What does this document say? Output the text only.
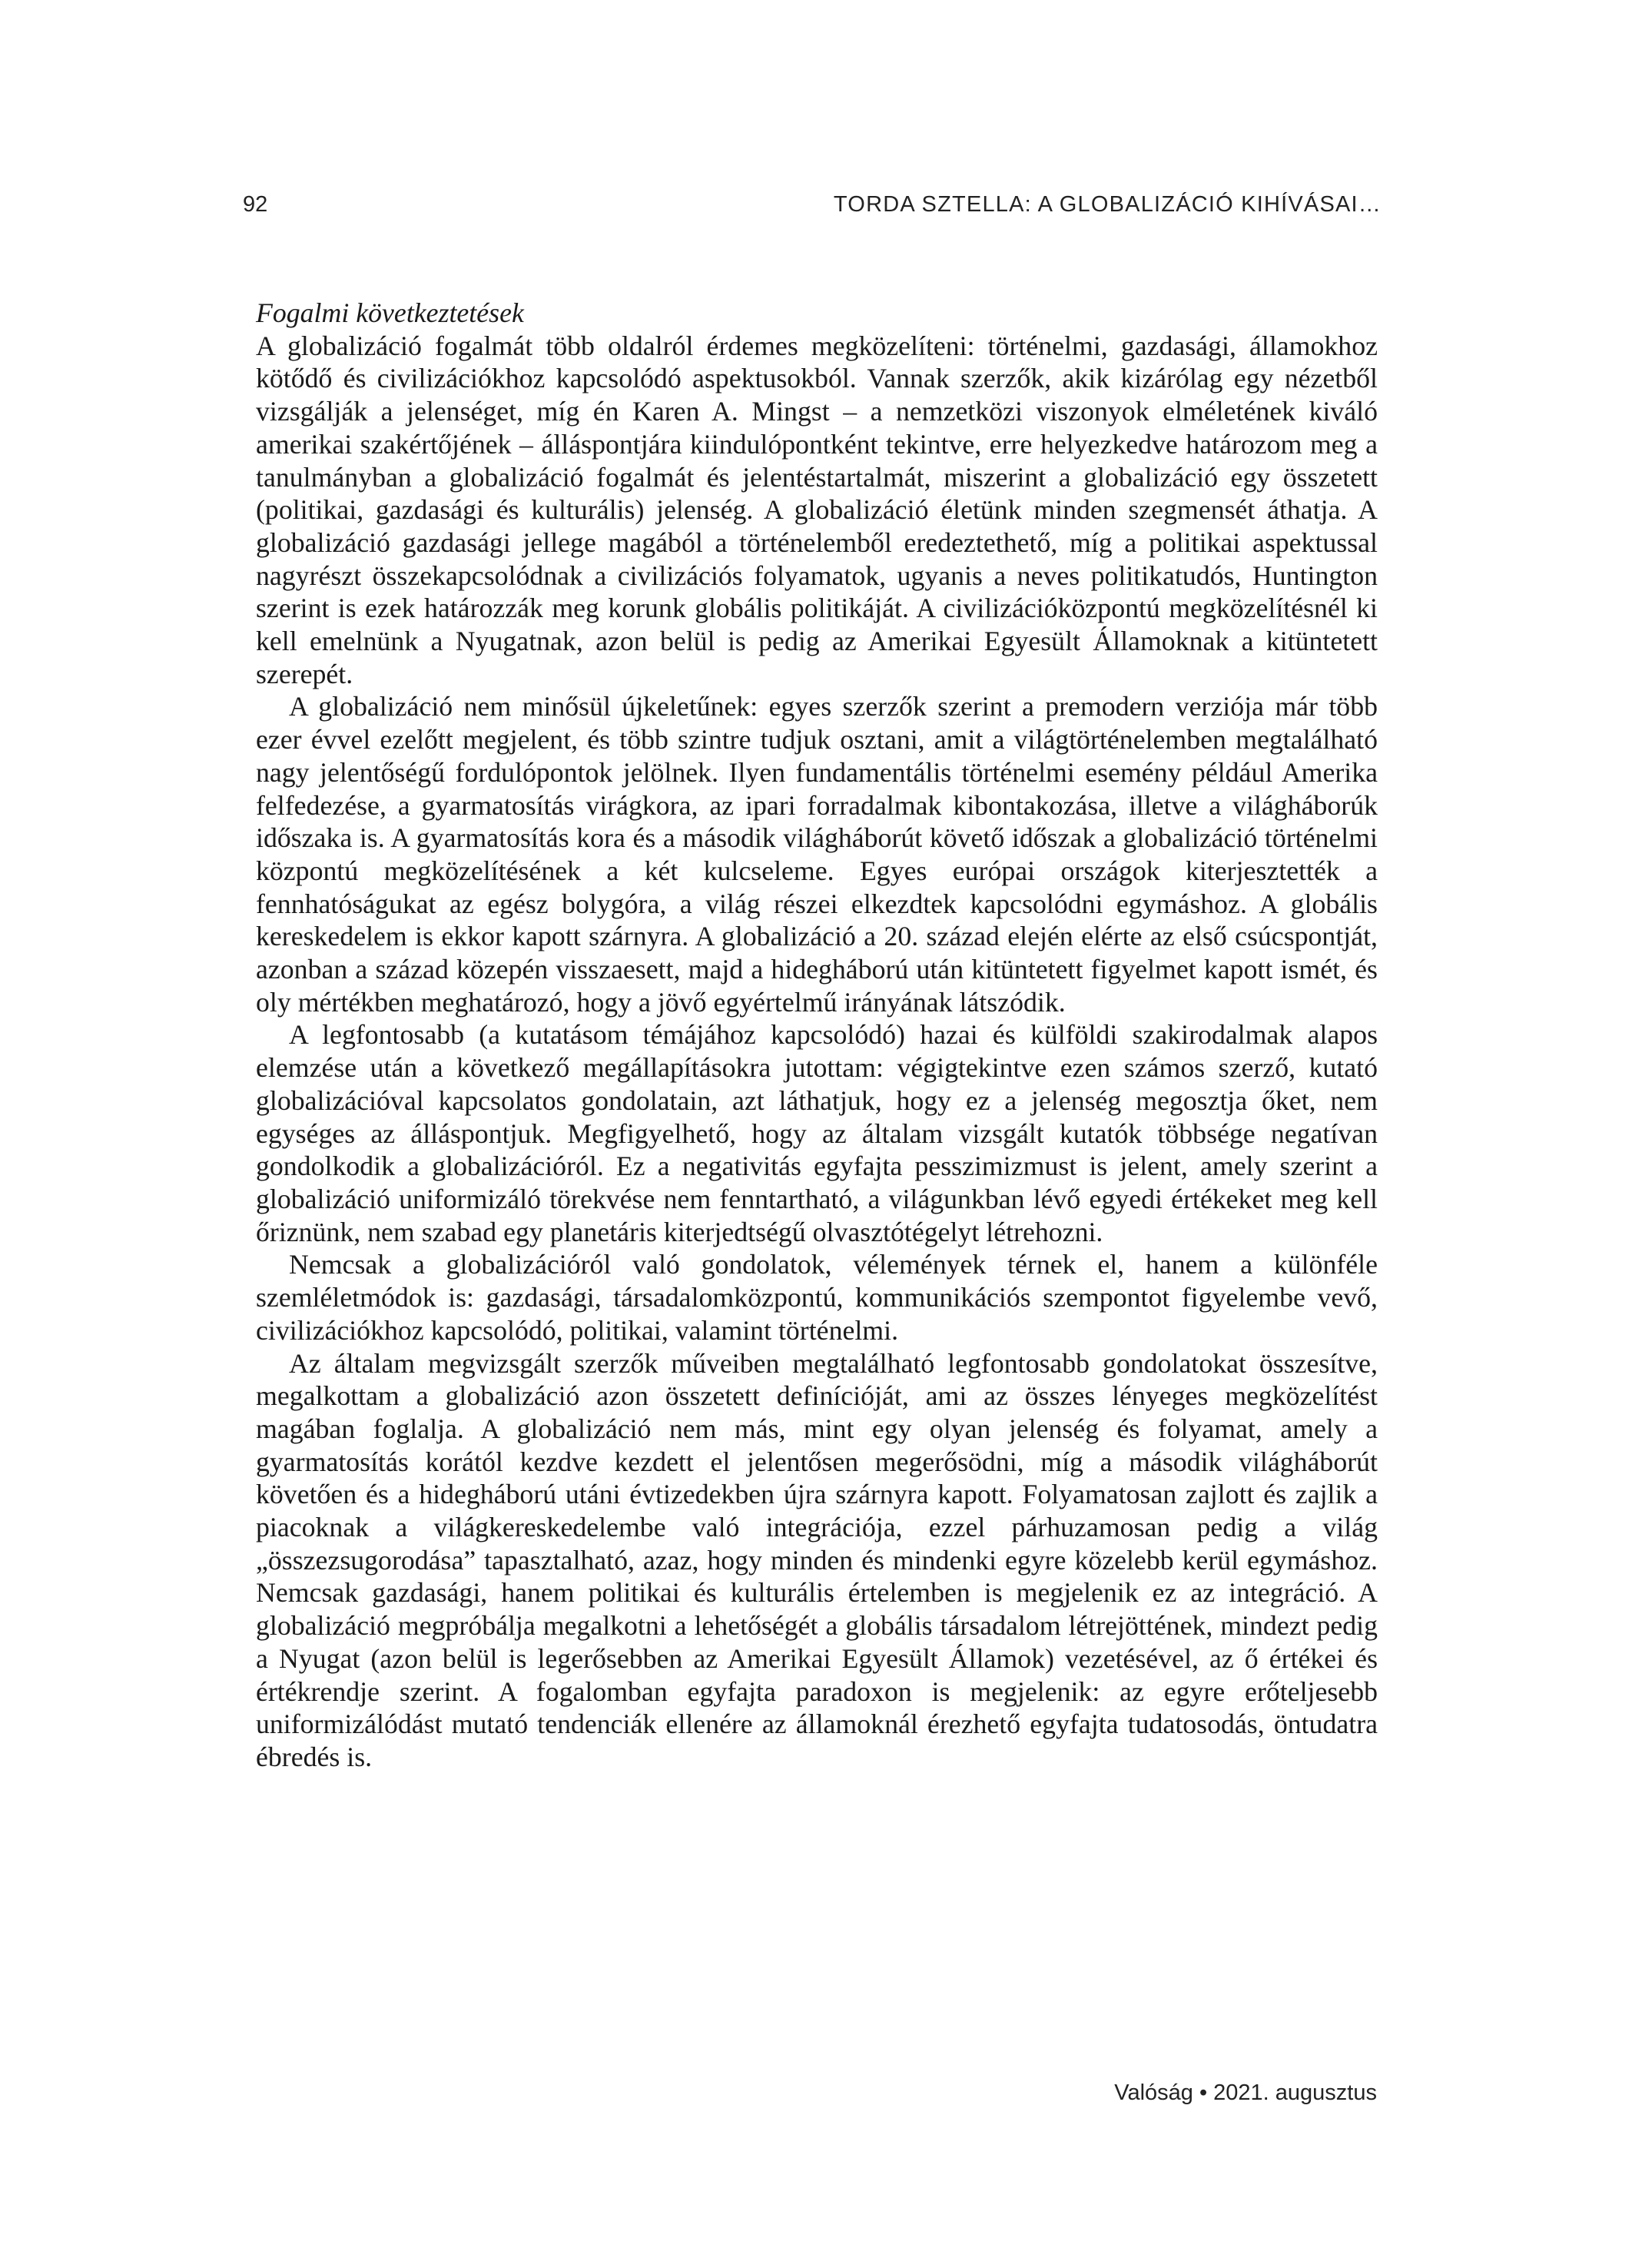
92	TORDA SZTELLA: A GLOBALIZÁCIÓ KIHÍVÁSAI…
Fogalmi következtetések

A globalizáció fogalmát több oldalról érdemes megközelíteni: történelmi, gazdasági, államokhoz kötődő és civilizációkhoz kapcsolódó aspektusokból. Vannak szerzők, akik kizárólag egy nézetből vizsgálják a jelenséget, míg én Karen A. Mingst – a nemzetközi viszonyok elméletének kiváló amerikai szakértőjének – álláspontjára kiindulópontként tekintve, erre helyezkedve határozom meg a tanulmányban a globalizáció fogalmát és jelentéstartalmát, miszerint a globalizáció egy összetett (politikai, gazdasági és kulturális) jelenség. A globalizáció életünk minden szegmensét áthatja. A globalizáció gazdasági jellege magából a történelemből eredeztethető, míg a politikai aspektussal nagyrészt összekapcsolódnak a civilizációs folyamatok, ugyanis a neves politikatudós, Huntington szerint is ezek határozzák meg korunk globális politikáját. A civilizációközpontú megközelítésnél ki kell emelnünk a Nyugatnak, azon belül is pedig az Amerikai Egyesült Államoknak a kitüntetett szerepét.

A globalizáció nem minősül újkeletűnek: egyes szerzők szerint a premodern verziója már több ezer évvel ezelőtt megjelent, és több szintre tudjuk osztani, amit a világtörténelemben megtalálható nagy jelentőségű fordulópontok jelölnek. Ilyen fundamentális történelmi esemény például Amerika felfedezése, a gyarmatosítás virágkora, az ipari forradalmak kibontakozása, illetve a világháborúk időszaka is. A gyarmatosítás kora és a második világháborút követő időszak a globalizáció történelmi központú megközelítésének a két kulcseleme. Egyes európai országok kiterjesztették a fennhatóságukat az egész bolygóra, a világ részei elkezdtek kapcsolódni egymáshoz. A globális kereskedelem is ekkor kapott szárnyra. A globalizáció a 20. század elején elérte az első csúcspontját, azonban a század közepén visszaesett, majd a hidegháború után kitüntetett figyelmet kapott ismét, és oly mértékben meghatározó, hogy a jövő egyértelmű irányának látszódik.

A legfontosabb (a kutatásom témájához kapcsolódó) hazai és külföldi szakirodalmak alapos elemzése után a következő megállapításokra jutottam: végigtekintve ezen számos szerző, kutató globalizációval kapcsolatos gondolatain, azt láthatjuk, hogy ez a jelenség megosztja őket, nem egységes az álláspontjuk. Megfigyelhető, hogy az általam vizsgált kutatók többsége negatívan gondolkodik a globalizációról. Ez a negativitás egyfajta pesszimizmust is jelent, amely szerint a globalizáció uniformizáló törekvése nem fenntartható, a világunkban lévő egyedi értékeket meg kell őriznünk, nem szabad egy planetáris kiterjedtségű olvasztótégelyt létrehozni.

Nemcsak a globalizációról való gondolatok, vélemények térnek el, hanem a különféle szemléletmódok is: gazdasági, társadalomközpontú, kommunikációs szempontot figyelembe vevő, civilizációkhoz kapcsolódó, politikai, valamint történelmi.

Az általam megvizsgált szerzők műveiben megtalálható legfontosabb gondolatokat összesítve, megalkottam a globalizáció azon összetett definícióját, ami az összes lényeges megközelítést magában foglalja. A globalizáció nem más, mint egy olyan jelenség és folyamat, amely a gyarmatosítás korától kezdve kezdett el jelentősen megerősödni, míg a második világháborút követően és a hidegháború utáni évtizedekben újra szárnyra kapott. Folyamatosan zajlott és zajlik a piacoknak a világkereskedelembe való integrációja, ezzel párhuzamosan pedig a világ „összezsugorodása” tapasztalható, azaz, hogy minden és mindenki egyre közelebb kerül egymáshoz. Nemcsak gazdasági, hanem politikai és kulturális értelemben is megjelenik ez az integráció. A globalizáció megpróbálja megalkotni a lehetőségét a globális társadalom létrejöttének, mindezt pedig a Nyugat (azon belül is legerősebben az Amerikai Egyesült Államok) vezetésével, az ő értékei és értékrendje szerint. A fogalomban egyfajta paradoxon is megjelenik: az egyre erőteljesebb uniformizálódást mutató tendenciák ellenére az államoknál érezhető egyfajta tudatosodás, öntudatra ébredés is.

Valóság • 2021. augusztus
